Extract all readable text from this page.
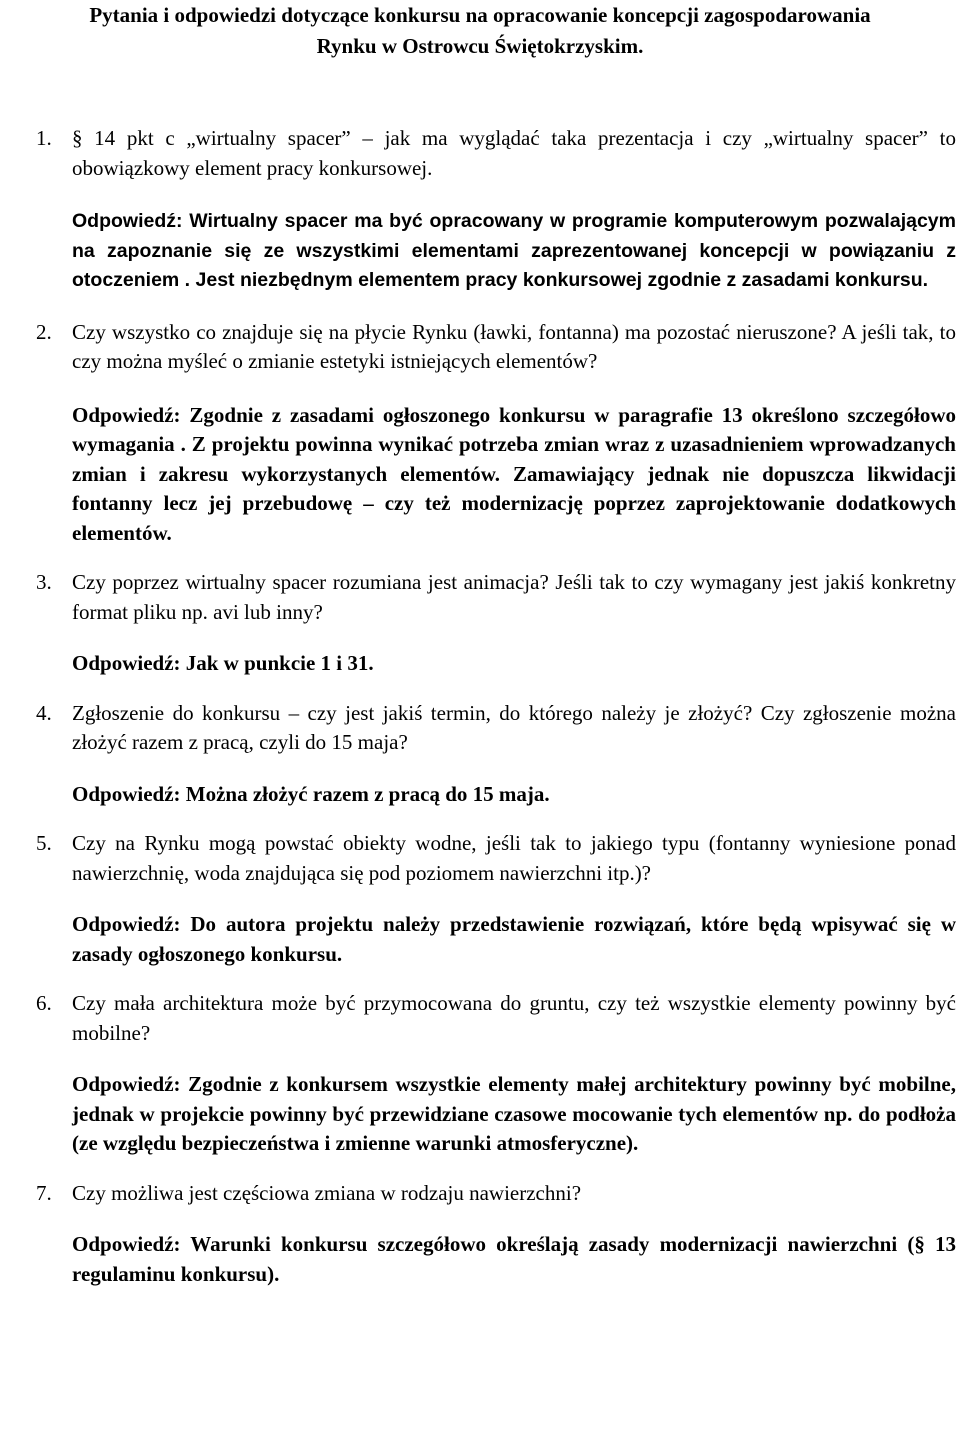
Pytania i odpowiedzi dotyczące konkursu na opracowanie koncepcji zagospodarowania
Rynku w Ostrowcu Świętokrzyskim.
1. § 14 pkt c „wirtualny spacer” – jak ma wyglądać taka prezentacja i czy „wirtualny spacer” to obowiązkowy element pracy konkursowej.

Odpowiedź: Wirtualny spacer ma być opracowany w programie komputerowym pozwalającym na zapoznanie się ze wszystkimi elementami zaprezentowanej koncepcji w powiązaniu z otoczeniem . Jest niezbędnym elementem pracy konkursowej zgodnie z zasadami konkursu.

2. Czy wszystko co znajduje się na płycie Rynku (ławki, fontanna) ma pozostać nieruszone? A jeśli tak, to czy można myśleć o zmianie estetyki istniejących elementów?

Odpowiedź: Zgodnie z zasadami ogłoszonego konkursu w paragrafie 13 określono szczegółowo wymagania . Z projektu powinna wynikać potrzeba zmian wraz z uzasadnieniem wprowadzanych zmian i zakresu wykorzystanych elementów. Zamawiający jednak nie dopuszcza likwidacji fontanny lecz jej przebudowę – czy też modernizację poprzez zaprojektowanie dodatkowych elementów.

3. Czy poprzez wirtualny spacer rozumiana jest animacja? Jeśli tak to czy wymagany jest jakiś konkretny format pliku np. avi lub inny?

Odpowiedź: Jak w punkcie 1 i 31.

4. Zgłoszenie do konkursu – czy jest jakiś termin, do którego należy je złożyć? Czy zgłoszenie można złożyć razem z pracą, czyli do 15 maja?

Odpowiedź: Można złożyć razem z pracą do 15 maja.

5. Czy na Rynku mogą powstać obiekty wodne, jeśli tak to jakiego typu (fontanny wyniesione ponad nawierzchnię, woda znajdująca się pod poziomem nawierzchni itp.)?

Odpowiedź: Do autora projektu należy przedstawienie rozwiązań, które będą wpisywać się w zasady ogłoszonego konkursu.

6. Czy mała architektura może być przymocowana do gruntu, czy też wszystkie elementy powinny być mobilne?

Odpowiedź: Zgodnie z konkursem wszystkie elementy małej architektury powinny być mobilne, jednak w projekcie powinny być przewidziane czasowe mocowanie tych elementów np. do podłoża (ze względu bezpieczeństwa i zmienne warunki atmosferyczne).

7. Czy możliwa jest częściowa zmiana w rodzaju nawierzchni?

Odpowiedź: Warunki konkursu szczegółowo określają zasady modernizacji nawierzchni (§ 13 regulaminu konkursu).
